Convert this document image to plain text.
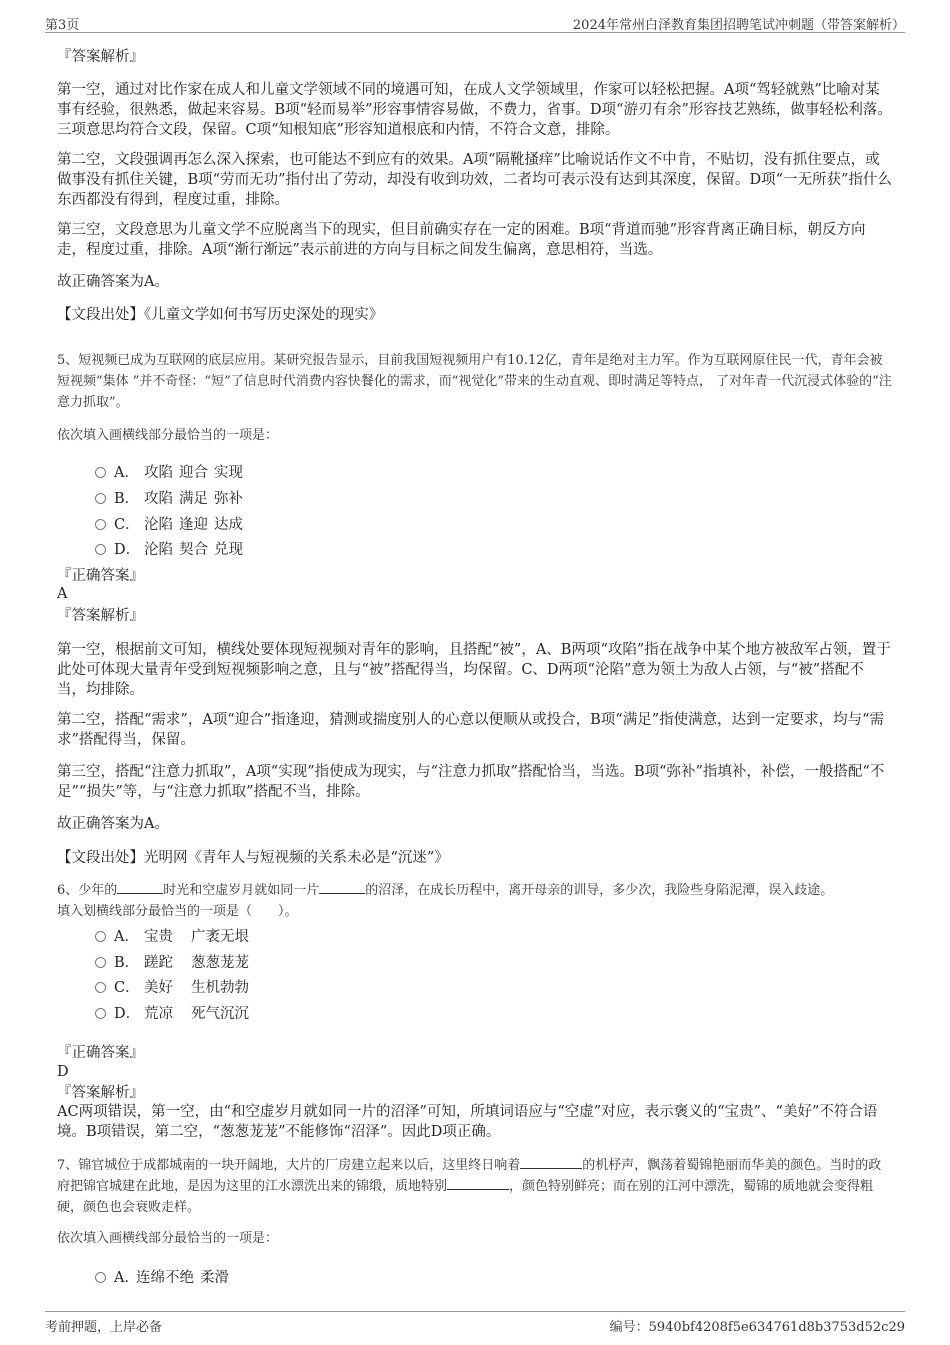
第3页	2024年常州白泽教育集团招聘笔试冲刺题（带答案解析）
『答案解析』
第一空，通过对比作家在成人和儿童文学领域不同的境遇可知，在成人文学领域里，作家可以轻松把握。A项“驾轻就熟”比喻对某事有经验，很熟悉，做起来容易。B项“轻而易举”形容事情容易做，不费力，省事。D项“游刃有余”形容技艺熟练，做事轻松利落。三项意思均符合文段，保留。C项“知根知底”形容知道根底和内情，不符合文意，排除。
第二空，文段强调再怎么深入探索，也可能达不到应有的效果。A项“隔靴搔痒”比喻说话作文不中肯，不贴切，没有抓住要点，或做事没有抓住关键，B项“劳而无功”指付出了劳动，却没有收到功效，二者均可表示没有达到其深度，保留。D项“一无所获”指什么东西都没有得到，程度过重，排除。
第三空，文段意思为儿童文学不应脱离当下的现实，但目前确实存在一定的困难。B项“背道而驰”形容背离正确目标，朝反方向走，程度过重，排除。A项“渐行渐远”表示前进的方向与目标之间发生偏离，意思相符，当选。
故正确答案为A。
【文段出处】《儿童文学如何书写历史深处的现实》
5、短视频已成为互联网的底层应用。某研究报告显示，目前我国短视频用户有10.12亿，青年是绝对主力军。作为互联网原住民一代，青年会被短视频“集体 ”并不奇怪：“短”了信息时代消费内容快餐化的需求，而“视觉化”带来的生动直观、即时满足等特点， 了对年青一代沉浸式体验的“注意力抓取”。
依次填入画横线部分最恰当的一项是：
A． 攻陷 迎合 实现
B． 攻陷 满足 弥补
C． 沦陷 逢迎 达成
D． 沦陷 契合 兑现
『正确答案』
A
『答案解析』
第一空，根据前文可知，横线处要体现短视频对青年的影响，且搭配“被”，A、B两项“攻陷”指在战争中某个地方被敌军占领，置于此处可体现大量青年受到短视频影响之意，且与“被”搭配得当，均保留。C、D两项“沦陷”意为领土为敌人占领，与“被”搭配不当，均排除。
第二空，搭配“需求”，A项“迎合”指逢迎，猜测或揣度别人的心意以便顺从或投合，B项“满足”指使满意，达到一定要求，均与“需求”搭配得当，保留。
第三空，搭配“注意力抓取”，A项“实现”指使成为现实，与“注意力抓取”搭配恰当，当选。B项“弥补”指填补，补偿，一般搭配“不足”“损失”等，与“注意力抓取”搭配不当，排除。
故正确答案为A。
【文段出处】光明网《青年人与短视频的关系未必是“沉迷”》
6、少年的	时光和空虚岁月就如同一片	的沼泽，在成长历程中，离开母亲的训导，多少次，我险些身陷泥潭，误入歧途。
填入划横线部分最恰当的一项是（　　）。
A． 宝贵 广袤无垠
B． 蹉跎 葱葱茏茏
C． 美好 生机勃勃
D． 荒凉 死气沉沉
『正确答案』
D
『答案解析』
AC两项错误，第一空，由“和空虚岁月就如同一片的沼泽”可知，所填词语应与“空虚”对应，表示褒义的“宝贵”、“美好”不符合语境。B项错误，第二空，“葱葱茏茏”不能修饰“沼泽”。因此D项正确。
7、锦官城位于成都城南的一块开阔地，大片的厂房建立起来以后，这里终日响着	的机杼声，飘荡着蜀锦艳丽而华美的颜色。当时的政府把锦官城建在此地，是因为这里的江水漂洗出来的锦缎，质地特别	，颜色特别鲜亮；而在别的江河中漂洗，蜀锦的质地就会变得粗硬，颜色也会衰败走样。
依次填入画横线部分最恰当的一项是：
A．连绵不绝 柔滑
考前押题，上岸必备	编号：5940bf4208f5e634761d8b3753d52c29
